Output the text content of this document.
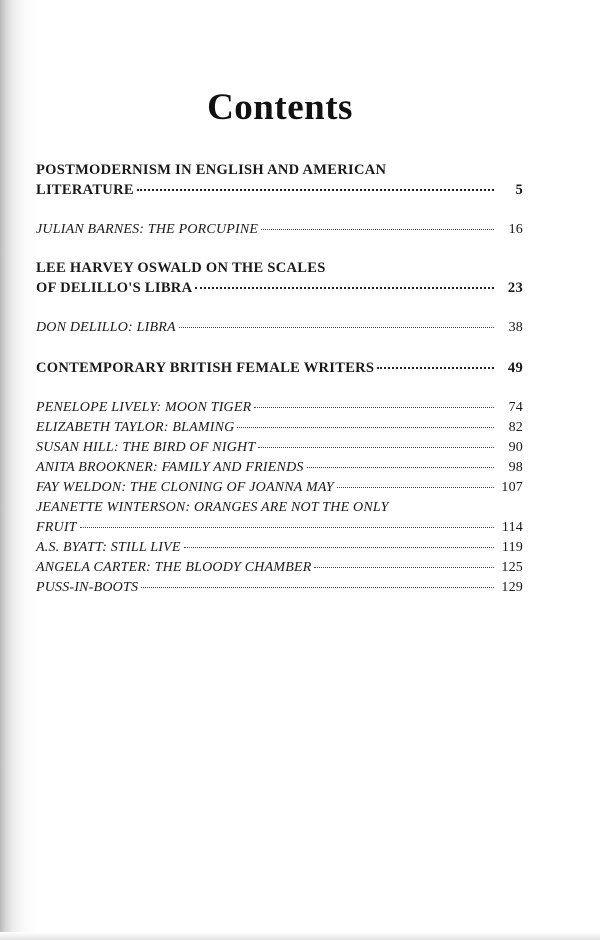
Contents
POSTMODERNISM IN ENGLISH AND AMERICAN
LITERATURE	5
JULIAN BARNES: THE PORCUPINE	16
LEE HARVEY OSWALD ON THE SCALES
OF DELILLO'S LIBRA	23
DON DELILLO: LIBRA	38
CONTEMPORARY BRITISH FEMALE WRITERS	49
PENELOPE LIVELY: MOON TIGER	74
ELIZABETH TAYLOR: BLAMING	82
SUSAN HILL: THE BIRD OF NIGHT	90
ANITA BROOKNER: FAMILY AND FRIENDS	98
FAY WELDON: THE CLONING OF JOANNA MAY	107
JEANETTE WINTERSON: ORANGES ARE NOT THE ONLY
FRUIT	114
A.S. BYATT: STILL LIVE	119
ANGELA CARTER: THE BLOODY CHAMBER	125
PUSS-IN-BOOTS	129
